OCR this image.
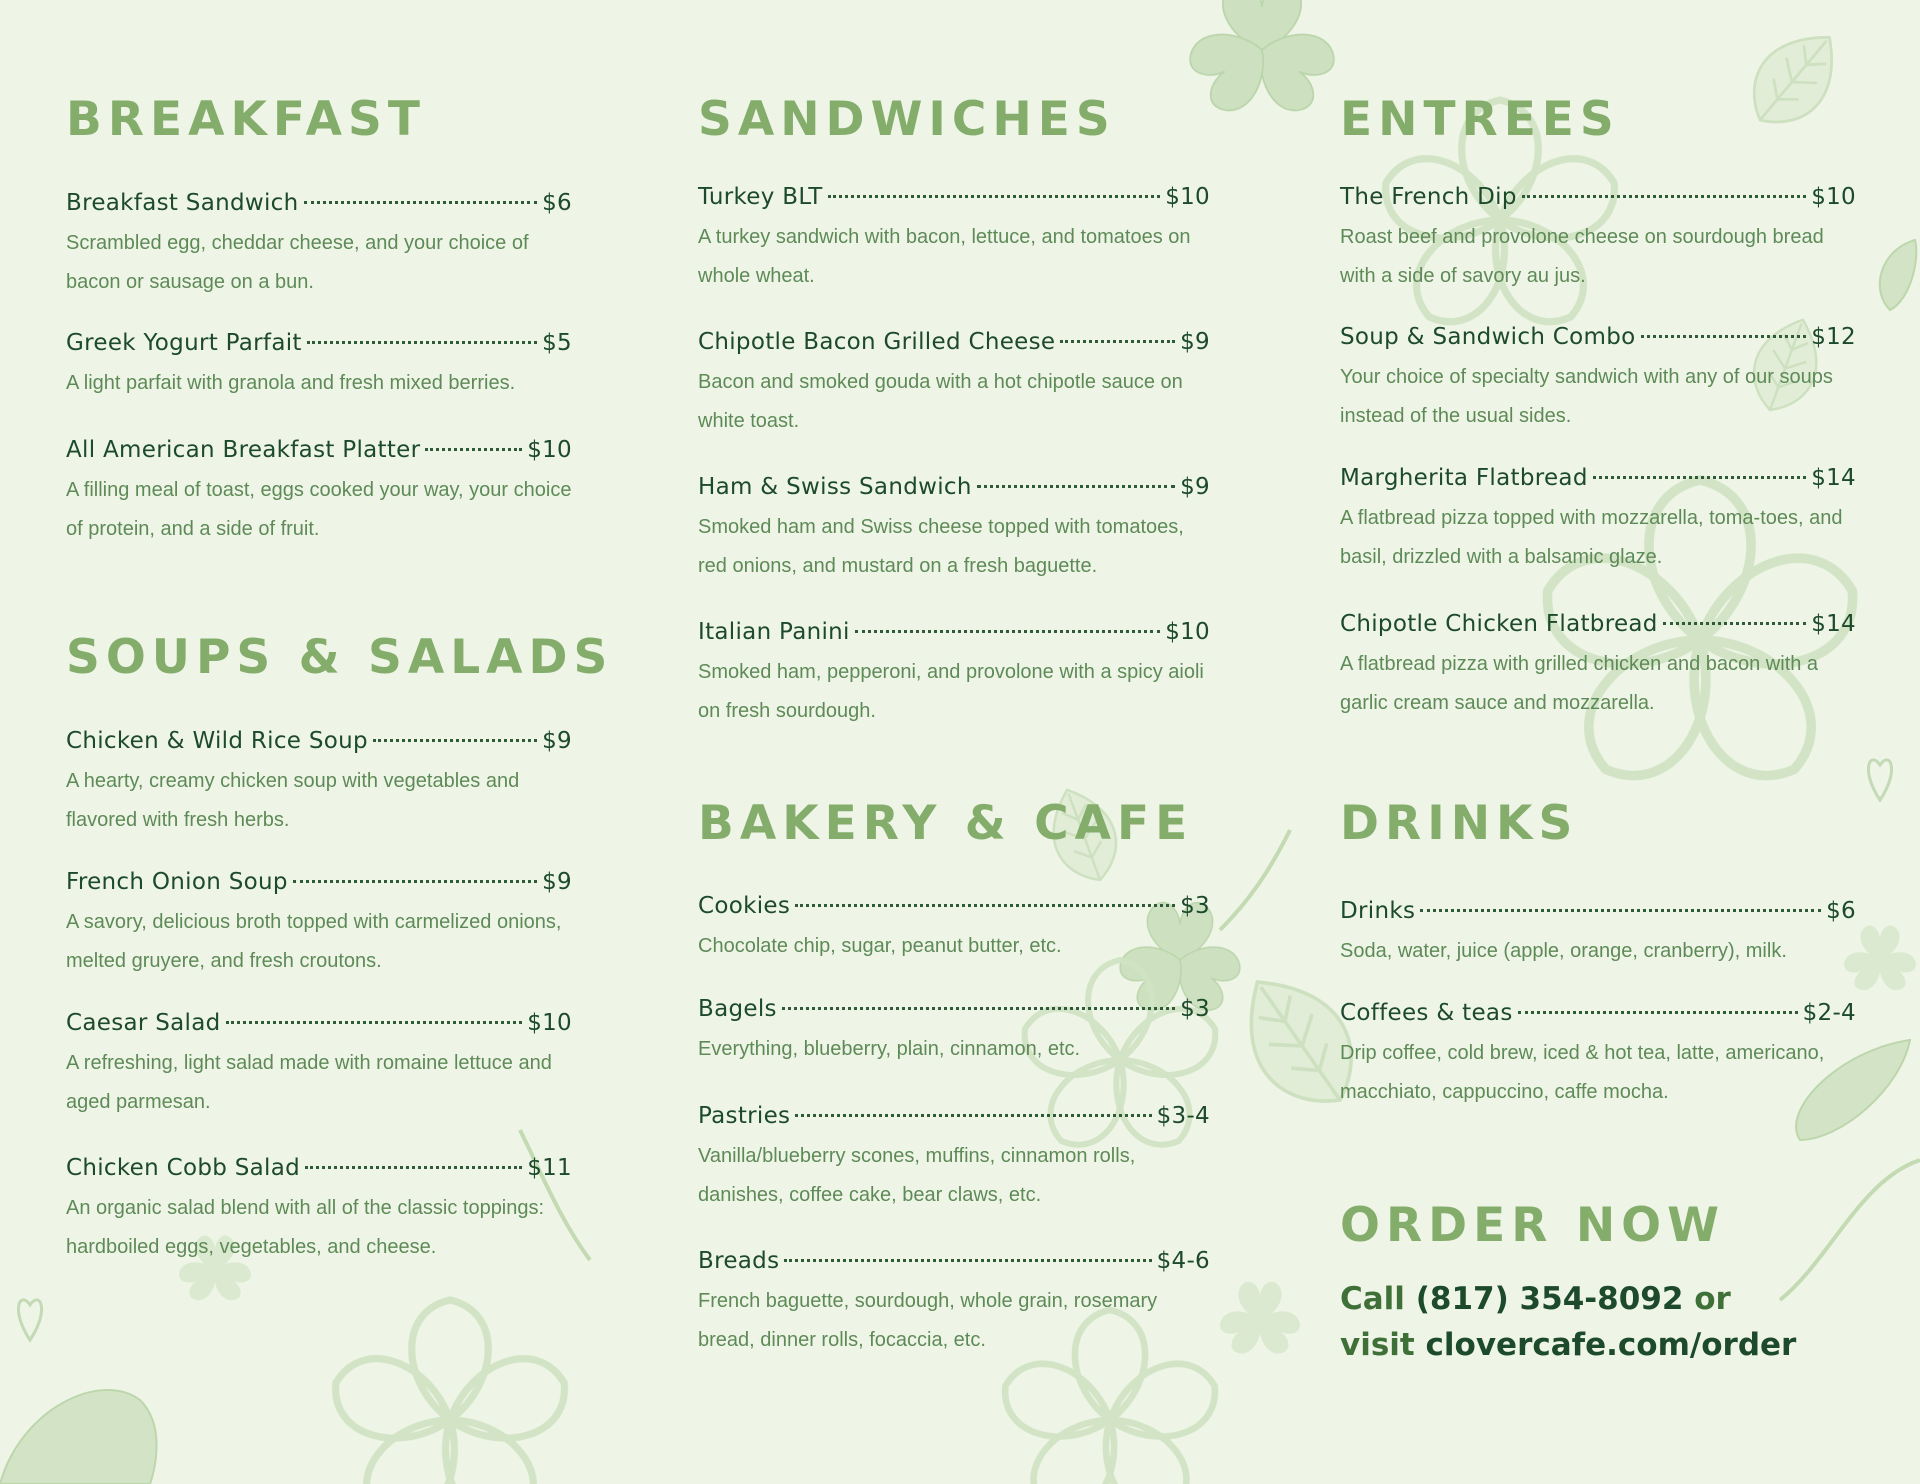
BREAKFAST
Breakfast Sandwich	$6
Scrambled egg, cheddar cheese, and your choice of bacon or sausage on a bun.
Greek Yogurt Parfait	$5
A light parfait with granola and fresh mixed berries.
All American Breakfast Platter	$10
A filling meal of toast, eggs cooked your way, your choice of protein, and a side of fruit.
SOUPS & SALADS
Chicken & Wild Rice Soup	$9
A hearty, creamy chicken soup with vegetables and flavored with fresh herbs.
French Onion Soup	$9
A savory, delicious broth topped with carmelized onions, melted gruyere, and fresh croutons.
Caesar Salad	$10
A refreshing, light salad made with romaine lettuce and aged parmesan.
Chicken Cobb Salad	$11
An organic salad blend with all of the classic toppings: hardboiled eggs, vegetables, and cheese.
SANDWICHES
Turkey BLT	$10
A turkey sandwich with bacon, lettuce, and tomatoes on whole wheat.
Chipotle Bacon Grilled Cheese	$9
Bacon and smoked gouda with a hot chipotle sauce on white toast.
Ham & Swiss Sandwich	$9
Smoked ham and Swiss cheese topped with tomatoes, red onions, and mustard on a fresh baguette.
Italian Panini	$10
Smoked ham, pepperoni, and provolone with a spicy aioli on fresh sourdough.
BAKERY & CAFE
Cookies	$3
Chocolate chip, sugar, peanut butter, etc.
Bagels	$3
Everything, blueberry, plain, cinnamon, etc.
Pastries	$3-4
Vanilla/blueberry scones, muffins, cinnamon rolls, danishes, coffee cake, bear claws, etc.
Breads	$4-6
French baguette, sourdough, whole grain, rosemary bread, dinner rolls, focaccia, etc.
ENTREES
The French Dip	$10
Roast beef and provolone cheese on sourdough bread with a side of savory au jus.
Soup & Sandwich Combo	$12
Your choice of specialty sandwich with any of our soups instead of the usual sides.
Margherita Flatbread	$14
A flatbread pizza topped with mozzarella, toma-toes, and basil, drizzled with a balsamic glaze.
Chipotle Chicken Flatbread	$14
A flatbread pizza with grilled chicken and bacon with a garlic cream sauce and mozzarella.
DRINKS
Drinks	$6
Soda, water, juice (apple, orange, cranberry), milk.
Coffees & teas	$2-4
Drip coffee, cold brew, iced & hot tea, latte, americano, macchiato, cappuccino, caffe mocha.
ORDER NOW
Call (817) 354-8092 or
visit clovercafe.com/order
